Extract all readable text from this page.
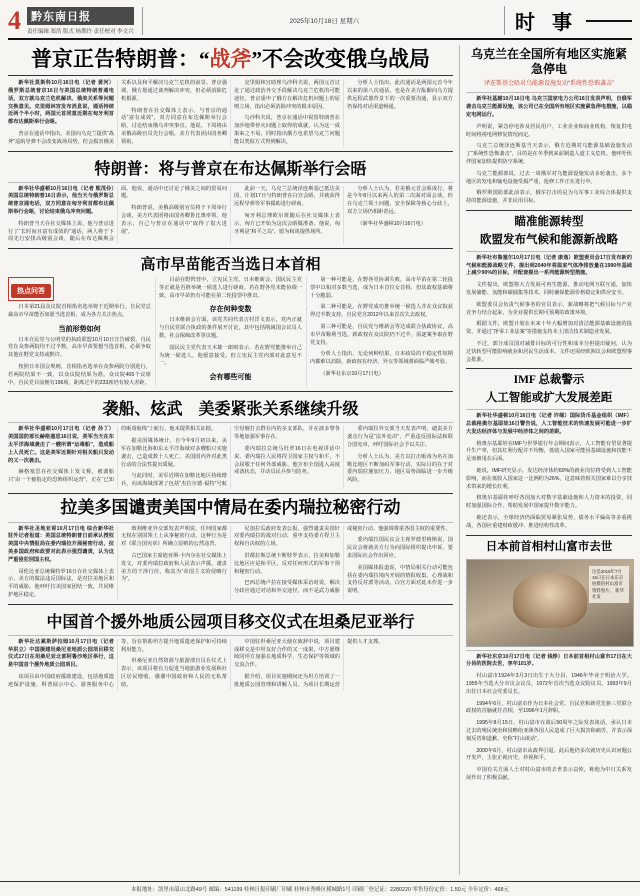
4 黔东南日报
责任编辑 郑浩 版式 杨期许 责任校对 李文兴
2025年10月18日 星期六	时 事
普京正告特朗普：“战斧”不会改变俄乌战局

新华社莫斯科10月16日电（记者 黄河）俄罗斯总统普京16日与美国总统特朗普通电话，双方就乌克兰危机解决、俄美关系等问题交换意见。克里姆林宫发布消息说，通话持续近两个半小时，两国元首同意近期在匈牙利首都布达佩斯举行会晤。

普京在通话中指出，美国向乌克兰提供“战斧”巡航导弹不会改变战场局势，但会损害俄美关系以及和平解决乌克兰危机的前景。普京强调，俄方愿通过谈判解决冲突，但必须消除危机根源。

特朗普在社交媒体上表示，与普京的通话“富有成效”，双方同意在布达佩斯举行会晤，讨论结束俄乌冲突事宜。他说，下周将由美俄高级官员先行会晤，美方代表团由国务卿领衔。

克里姆林宫助理乌沙科夫说，两国元首讨论了通过政治外交手段解决乌克兰危机的可能途径，普京重申了俄方在解决危机问题上的原则立场，指出必须消除冲突的根本原因。

乌沙科夫说，普京在通话中祝贺特朗普在加沙地带停火问题上取得的成就，认为这一成果来之不易，同时指出俄方也希望乌克兰问题能以类似方式得到解决。

分析人士指出，此次通话是两国元首今年以来的第八次通话，也是在美方酝酿向乌方提供远程武器背景下的一次重要沟通，显示双方仍保持对话渠道畅通。

特朗普：将与普京在布达佩斯举行会晤

新华社华盛顿10月16日电（记者 熊茂伶）美国总统特朗普16日表示，他当天与俄罗斯总统普京通电话，双方同意在匈牙利首都布达佩斯举行会晤，讨论结束俄乌冲突问题。

特朗普当天在社交媒体上说，他与普京进行了“长时间且富有成效的”通话，两人将于下周先行安排高级别会谈，随后在布达佩斯会面。他说，通话中还讨论了俄美之间的贸易问题。

特朗普说，美俄高级别官员将于下周举行会谈，美方代表团将由国务卿鲁比奥率领。他表示，自己与普京在通话中“取得了很大进展”。

此前一天，乌克兰总统泽连斯基已抵达美国，计划17日与特朗普在白宫会晤，并就获得远程导弹等军事援助进行磋商。

匈牙利总理欧尔班随后在社交媒体上表示，匈方已开始为这次会晤做准备。他说，匈牙利是“和平之岛”，愿为和谈提供场所。

分析人士认为，若美俄元首会晤成行，将是今年8月以来两人的第二次面对面会谈，但在乌克兰领土问题、安全保障等核心分歧上，双方立场仍相距甚远。

（新华社华盛顿10月16日电）

高市早苗能否当选日本首相
热点问答

日本第21届众议院首相指名选举将于近期举行。自民党总裁高市早苗能否如愿当选首相，成为各方关注焦点。

当前形势如何

日本自民党与公明党的执政联盟10月10日宣告破裂，自民党在众参两院均不过半数，高市早苗要想当选首相，必须争取其他在野党支持或默许。

按照日本国会规则，首相指名选举在众参两院分别进行，若两院结果不一致，以众议院结果为准。众议院465个议席中，自民党目前拥有196席，距离过半的233席仍有较大差距。

目前在野阵营中，立宪民主党、日本维新会、国民民主党等正就是否推举统一候选人进行磋商。若在野各党未能协调一致，高市早苗仍有可能在第二轮投票中胜出。

存在何种变数

日本维新会方面，该党共同代表吉村洋文表示，党内正就与自民党联合执政的条件展开讨论，其中包括削减国会议员人数、社会保障改革等议题。

国民民主党代表玉木雄一郎则表示，若在野党能推举自己为统一候选人，他愿意接受。但立宪民主党内部对此意见不一。

会有哪些可能

第一种可能是，在野各党协调失败，高市早苗在第二轮投票中以相对多数当选，成为日本首位女首相，但其政权基础将十分脆弱。

第二种可能是，在野党成功推举统一候选人并在众议院获得过半数支持，自民党自2012年以来首次失去政权。

第三种可能是，自民党与维新会等达成联合执政协议，高市早苗顺利当选，新政权在众议院仍不过半，需逐案争取在野党支持。

分析人士指出，无论何种结果，日本政局的不稳定性短期内都难以消除，新政权在经济、外交等领域将面临严峻考验。

（新华社东京10月17日电）

袭船、炫武　美委紧张关系继续升级

新华社华盛顿10月17日电（记者 孙丁）美国国防部长赫格塞思16日说，美军当天在东太平洋海域袭击了一艘所谓“运毒船”，造成船上人员死亡。这是美军近期针对相关船只发动的又一次袭击。

赫格塞思在社交媒体上发文称，被袭船只“由一个被指定的恐怖组织运营”，正在“已知的贩毒航线”上航行。他未提供相关证据。

据美国媒体统计，自今年9月初以来，美军在加勒比海和东太平洋海域对多艘船只实施袭击，已造成数十人死亡。美国国内外对此类行动的合法性提出质疑。

与此同时，美军近期在加勒比地区持续增兵，向该海域部署了包括“杰拉尔德·福特”号航空母舰打击群在内的多支部队，并在波多黎各等地加强军事存在。

委内瑞拉总统马杜罗16日在电视讲话中说，委内瑞拉人民将捍卫国家主权与和平，不会屈服于任何外部威胁。他宣布全国进入高度戒备状态，并动员民兵参与防务。

委内瑞拉外交部当天发表声明，谴责美方袭击行为是“法外处决”，严重违反国际法和联合国宪章，呼吁国际社会予以关注。

分析人士认为，美方以打击贩毒为名在加勒比地区不断加码军事行动，实际目的在于对委内瑞拉施加压力，地区局势面临进一步升级风险。

拉美多国谴责美国中情局在委内瑞拉秘密行动

新华社圣地亚哥10月17日电 综合新华社驻外记者报道：美国总统特朗普日前承认授权美国中央情报局在委内瑞拉开展秘密行动，拉美多国政府和政要对此表示强烈谴责，认为这严重侵犯别国主权。

哥伦比亚总统佩特罗16日在社交媒体上表示，美方的做法违反国际法，是对拉美地区和平的威胁。他呼吁拉美国家团结一致，共同维护地区稳定。

玻利维亚外交部发表声明说，任何国家都无权在别国领土上从事秘密行动，这种行为是对《联合国宪章》所确立原则的公然违背。

古巴国家主席迪亚斯-卡内尔在社交媒体上发文，对委内瑞拉政府和人民表示声援，谴责美方的干涉行径，称其为“帝国主义的侵略行为”。

尼加拉瓜政府发表公报，强烈谴责美国针对委内瑞拉的敌对行动，重申支持委方捍卫主权和自决权的立场。

洪都拉斯总统卡斯特罗表示，拉美和加勒比地区应是和平区，反对任何形式的军事干预和秘密行动。

巴西总统卢拉在接受媒体采访时说，解决分歧应通过对话和外交途径，而不是武力威胁或秘密行动。他强调尊重各国主权的重要性。

委内瑞拉国民议会主席罗德里格斯说，国民议会将就美方行为向国际组织提出申诉，要求国际社会作出回应。

美国媒体报道说，中情局相关行动可能包括在委内瑞拉境内开展的情报收集、心理战和支持反对派等活动。白宫方面对此未作进一步说明。

中国首个援外地质公园项目移交仪式在坦桑尼亚举行

新华社达累斯萨拉姆10月17日电（记者 华洪立）中国援建坦桑尼亚地质公园项目移交仪式17日在坦桑尼亚北部阿鲁沙地区举行，这是中国首个援外地质公园项目。

该项目由中国政府援助建设，包括地质遗迹保护设施、科普展示中心、游客服务中心等，旨在帮助坦方提升地质遗迹保护和可持续利用能力。

坦桑尼亚自然资源与旅游部官员在仪式上表示，该项目将有力促进当地旅游业发展和社区居民增收，感谢中国政府和人民的无私帮助。

中国驻坦桑尼亚大使在致辞中说，项目建成移交是中坦友好合作的又一成果，中方愿继续同坦方加强在地质科学、生态保护等领域的交流合作。

据介绍，项目实施期间还为坦方培训了一批地质公园管理和讲解人员，为项目长期运营提供人才支撑。

乌克兰在全国所有地区实施紧急停电
泽连斯基会晤对乌能源设施发动“系统性恐怖袭击”

新华社基辅10月16日电 乌克兰国家电力公司16日发表声明，自俄军袭击乌克兰能源设施，该公司已在全国所有地区实施紧急停电措施，以稳定电网运行。

声明说，紧急停电涉及居民用户、工业企业和商业机构，恢复供电时间将视电网修复情况而定。

乌克兰总统泽连斯基当天表示，俄方近期对乌能源基础设施发动了“系统性恐怖袭击”，目的是在冬季到来前制造人道主义危机。他呼吁伙伴国家加快提供防空系统。

乌克兰能源部说，过去一周俄军对乌能源设施发动多轮袭击，多个地区的发电和输电设施受损严重，抢修工作正在进行中。

俄罗斯国防部此前表示，俄军打击的是为乌军事工业综合体提供支持的能源设施，并非民用目标。

瞄准能源转型
欧盟发布气候和能源新战略

新华社布鲁塞尔10月17日电（记者 康逸）欧盟委员会17日发布新的气候和能源战略文件，提出到2040年将温室气体净排放量在1990年基础上减少90%的目标，并配套提出一系列能源转型措施。

文件提出，欧盟将大力发展可再生能源，推动电网互联互通，加快发展储能、氢能和碳捕集等技术，同时确保能源价格稳定和供应安全。

欧盟委员会负责气候事务的官员表示，新战略将把气候目标与产业竞争力结合起来，为企业提供长期可预期的政策环境。

根据文件，欧盟计划在未来十年大幅增加对清洁能源基础设施的投资，并通过“净零工业法案”等措施支持本土清洁技术制造业发展。

不过，部分成员国对减排目标的可行性和成本分担提出疑问，认为过快转型可能影响就业和居民生活成本。文件还需经欧洲议会和欧盟理事会批准。

IMF 总裁警示
人工智能或扩大发展差距

新华社华盛顿10月16日电（记者 许缘）国际货币基金组织（IMF）总裁格奥尔基耶娃16日警告说，人工智能技术的快速发展可能进一步扩大发达经济体与发展中经济体之间的差距。

格奥尔基耶娃在IMF与世界银行年会期间表示，人工智能有望显著提升生产率，但其红利分配并不均衡，低收入国家可能因基础设施和技能不足而被甩在后面。

她说，IMF研究显示，发达经济体约60%的就业岗位将受到人工智能影响，而在低收入国家这一比例约为26%，这意味着相关国家难以分享技术带来的增长红利。

格奥尔基耶娃呼吁各国加大对数字基础设施和人力资本的投资，同时加强国际合作，帮助发展中国家提升数字能力。

她还表示，全球经济仍面临贸易紧张局势、债务水平偏高等多重挑战，各国应重建财政缓冲、推进结构性改革。

日本前首相村山富市去世
这是2015年7月16日在日本东京拍摄的村山富市资料照片。 新华社发

新华社东京10月17日电（记者 钱铮）日本前首相村山富市17日在大分县的医院去世，享年101岁。

村山富市1924年3月3日出生于大分县，1946年毕业于明治大学。1955年当选大分市议会议员，1972年首次当选众议院议员，1993年9月出任日本社会党委员长。

1994年6月，村山富市作为日本社会党、自民党和新党先驱三党联合政权的首脑就任首相，至1996年1月辞职。

1995年8月15日，村山富市在战后50周年之际发表谈话，承认日本过去的殖民统治和侵略给亚洲各国人民造成了巨大损害和痛苦，并表示深刻反省和道歉，史称“村山谈话”。

2000年6月，村山富市从政界引退。此后他仍多次就历史认识问题公开发声，主张正视历史、珍视和平。

中国有关方面人士对村山富市的去世表示哀悼，称他为中日关系发展作出了积极贡献。

本报地址：凯里市韶山北路49号 邮编：541199 桂林日报印刷厂印刷 桂林市秀峰区模城路1号 印刷厂登记证：2280220 零售每份定价：1.50元 全年定价：468元
